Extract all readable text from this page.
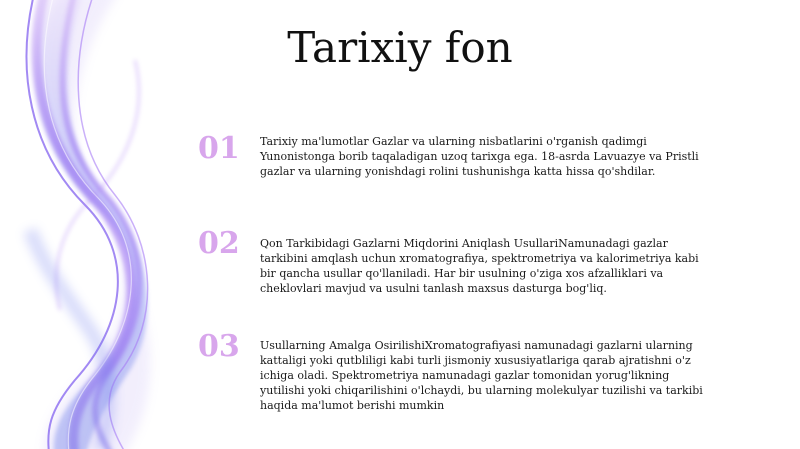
Tarixiy fon
01	Tarixiy ma'lumotlar Gazlar va ularning nisbatlarini o'rganish qadimgi Yunonistonga borib taqaladigan uzoq tarixga ega. 18-asrda Lavuazye va Pristli gazlar va ularning yonishdagi rolini tushunishga katta hissa qo'shdilar.

02	Qon Tarkibidagi Gazlarni Miqdorini Aniqlash UsullariNamunadagi gazlar tarkibini amqlash uchun xromatografiya, spektrometriya va kalorimetriya kabi bir qancha usullar qo'llaniladi. Har bir usulning o'ziga xos afzalliklari va cheklovlari mavjud va usulni tanlash maxsus dasturga bog'liq.

03	Usullarning Amalga OsirilishiXromatografiyasi namunadagi gazlarni ularning kattaligi yoki qutbliligi kabi turli jismoniy xususiyatlariga qarab ajratishni o'z ichiga oladi. Spektrometriya namunadagi gazlar tomonidan yorug'likning yutilishi yoki chiqarilishini o'lchaydi, bu ularning molekulyar tuzilishi va tarkibi haqida ma'lumot berishi mumkin
